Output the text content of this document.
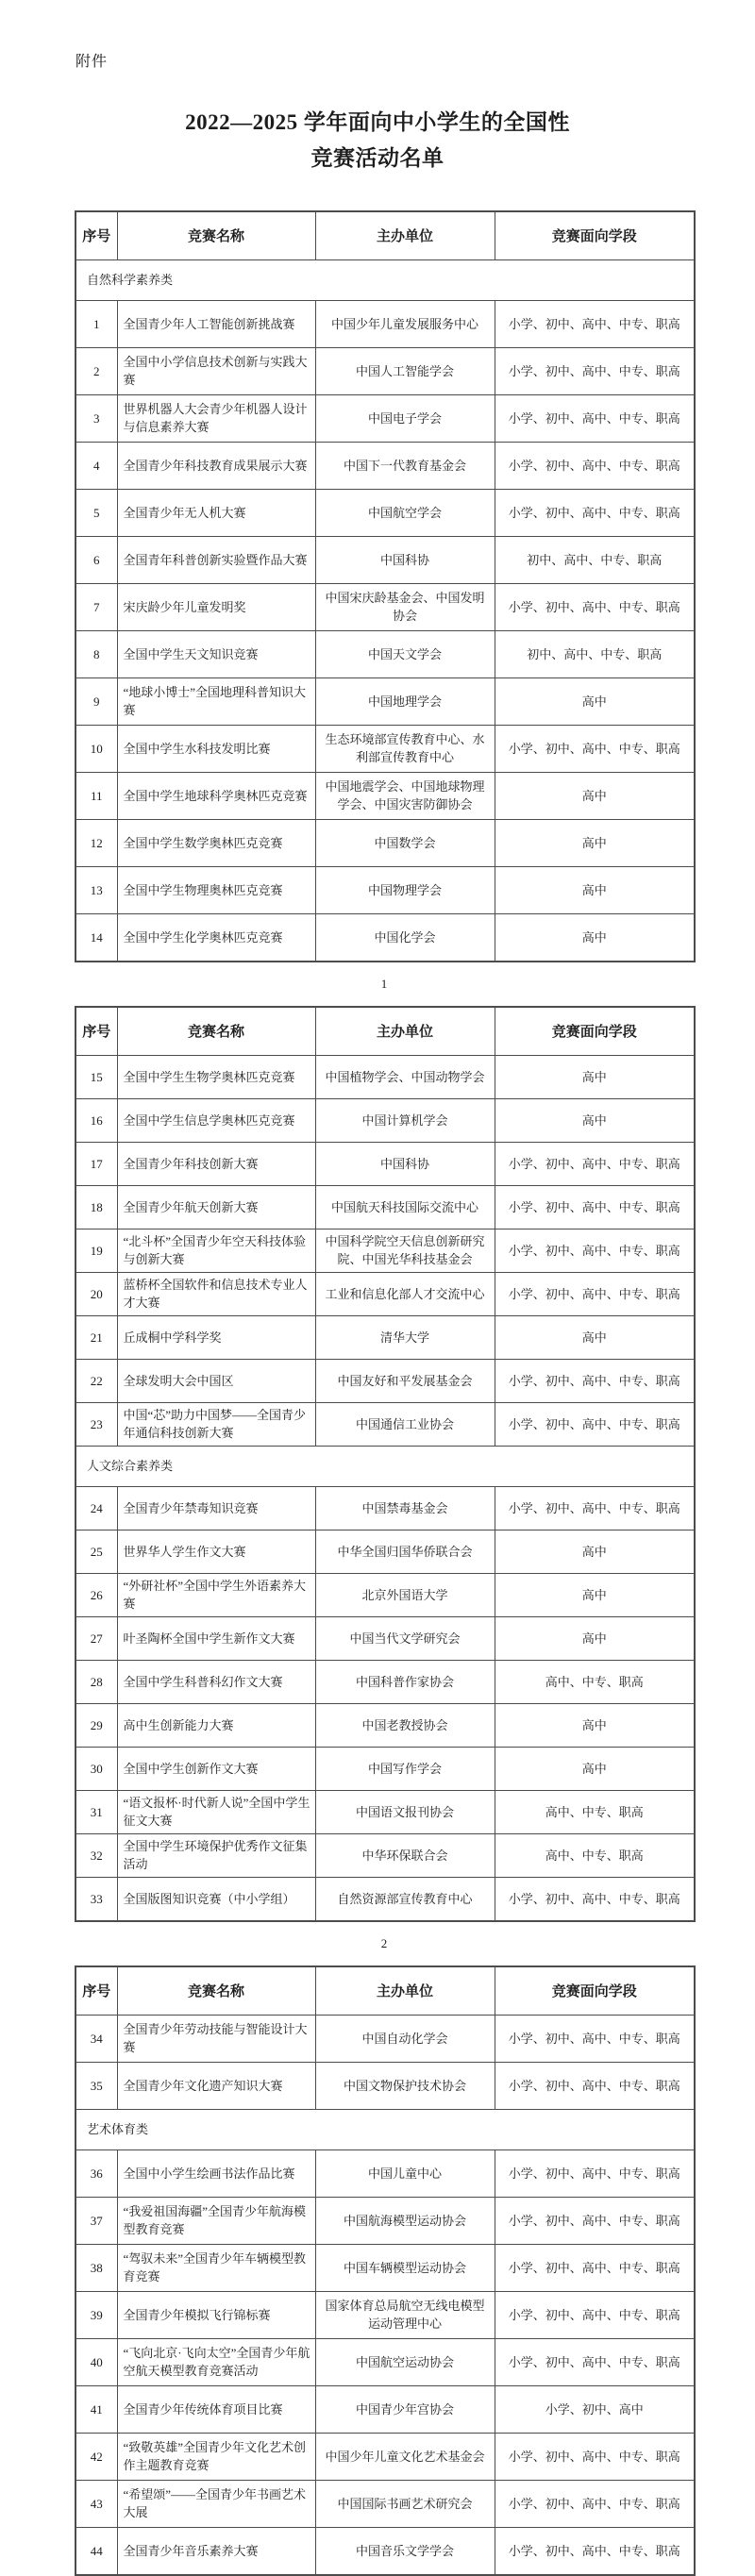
附件
2022—2025 学年面向中小学生的全国性
竞赛活动名单
序号	竞赛名称	主办单位	竞赛面向学段
自然科学素养类			
1	全国青少年人工智能创新挑战赛	中国少年儿童发展服务中心	小学、初中、高中、中专、职高
2	全国中小学信息技术创新与实践大赛	中国人工智能学会	小学、初中、高中、中专、职高
3	世界机器人大会青少年机器人设计与信息素养大赛	中国电子学会	小学、初中、高中、中专、职高
4	全国青少年科技教育成果展示大赛	中国下一代教育基金会	小学、初中、高中、中专、职高
5	全国青少年无人机大赛	中国航空学会	小学、初中、高中、中专、职高
6	全国青年科普创新实验暨作品大赛	中国科协	初中、高中、中专、职高
7	宋庆龄少年儿童发明奖	中国宋庆龄基金会、中国发明协会	小学、初中、高中、中专、职高
8	全国中学生天文知识竞赛	中国天文学会	初中、高中、中专、职高
9	“地球小博士”全国地理科普知识大赛	中国地理学会	高中
10	全国中学生水科技发明比赛	生态环境部宣传教育中心、水利部宣传教育中心	小学、初中、高中、中专、职高
11	全国中学生地球科学奥林匹克竞赛	中国地震学会、中国地球物理学会、中国灾害防御协会	高中
12	全国中学生数学奥林匹克竞赛	中国数学会	高中
13	全国中学生物理奥林匹克竞赛	中国物理学会	高中
14	全国中学生化学奥林匹克竞赛	中国化学会	高中
1
序号	竞赛名称	主办单位	竞赛面向学段
15	全国中学生生物学奥林匹克竞赛	中国植物学会、中国动物学会	高中
16	全国中学生信息学奥林匹克竞赛	中国计算机学会	高中
17	全国青少年科技创新大赛	中国科协	小学、初中、高中、中专、职高
18	全国青少年航天创新大赛	中国航天科技国际交流中心	小学、初中、高中、中专、职高
19	“北斗杯”全国青少年空天科技体验与创新大赛	中国科学院空天信息创新研究院、中国光华科技基金会	小学、初中、高中、中专、职高
20	蓝桥杯全国软件和信息技术专业人才大赛	工业和信息化部人才交流中心	小学、初中、高中、中专、职高
21	丘成桐中学科学奖	清华大学	高中
22	全球发明大会中国区	中国友好和平发展基金会	小学、初中、高中、中专、职高
23	中国“芯”助力中国梦——全国青少年通信科技创新大赛	中国通信工业协会	小学、初中、高中、中专、职高
人文综合素养类			
24	全国青少年禁毒知识竞赛	中国禁毒基金会	小学、初中、高中、中专、职高
25	世界华人学生作文大赛	中华全国归国华侨联合会	高中
26	“外研社杯”全国中学生外语素养大赛	北京外国语大学	高中
27	叶圣陶杯全国中学生新作文大赛	中国当代文学研究会	高中
28	全国中学生科普科幻作文大赛	中国科普作家协会	高中、中专、职高
29	高中生创新能力大赛	中国老教授协会	高中
30	全国中学生创新作文大赛	中国写作学会	高中
31	“语文报杯·时代新人说”全国中学生征文大赛	中国语文报刊协会	高中、中专、职高
32	全国中学生环境保护优秀作文征集活动	中华环保联合会	高中、中专、职高
33	全国版图知识竞赛（中小学组）	自然资源部宣传教育中心	小学、初中、高中、中专、职高
2
序号	竞赛名称	主办单位	竞赛面向学段
34	全国青少年劳动技能与智能设计大赛	中国自动化学会	小学、初中、高中、中专、职高
35	全国青少年文化遗产知识大赛	中国文物保护技术协会	小学、初中、高中、中专、职高
艺术体育类			
36	全国中小学生绘画书法作品比赛	中国儿童中心	小学、初中、高中、中专、职高
37	“我爱祖国海疆”全国青少年航海模型教育竞赛	中国航海模型运动协会	小学、初中、高中、中专、职高
38	“驾驭未来”全国青少年车辆模型教育竞赛	中国车辆模型运动协会	小学、初中、高中、中专、职高
39	全国青少年模拟飞行锦标赛	国家体育总局航空无线电模型运动管理中心	小学、初中、高中、中专、职高
40	“飞向北京·飞向太空”全国青少年航空航天模型教育竞赛活动	中国航空运动协会	小学、初中、高中、中专、职高
41	全国青少年传统体育项目比赛	中国青少年宫协会	小学、初中、高中
42	“致敬英雄”全国青少年文化艺术创作主题教育竞赛	中国少年儿童文化艺术基金会	小学、初中、高中、中专、职高
43	“希望颂”——全国青少年书画艺术大展	中国国际书画艺术研究会	小学、初中、高中、中专、职高
44	全国青少年音乐素养大赛	中国音乐文学学会	小学、初中、高中、中专、职高
